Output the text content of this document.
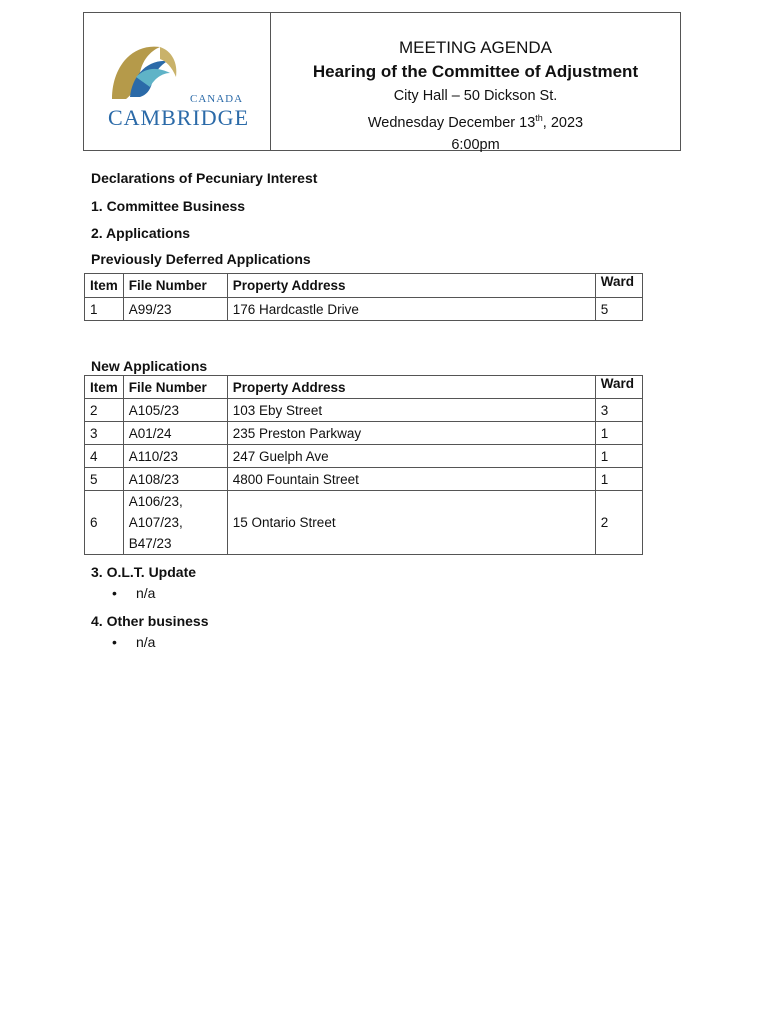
CANADA
CAMBRIDGE
MEETING AGENDA
Hearing of the Committee of Adjustment
City Hall – 50 Dickson St.
Wednesday December 13th, 2023
6:00pm
Declarations of Pecuniary Interest
1. Committee Business
2. Applications
Previously Deferred Applications
Item	File Number	Property Address	Ward
1	A99/23	176 Hardcastle Drive	5
New Applications
Item	File Number	Property Address	Ward
2	A105/23	103 Eby Street	3
3	A01/24	235 Preston Parkway	1
4	A110/23	247 Guelph Ave	1
5	A108/23	4800 Fountain Street	1
6	A106/23,
A107/23,
B47/23	15 Ontario Street	2
3. O.L.T. Update
• n/a
4. Other business
• n/a
